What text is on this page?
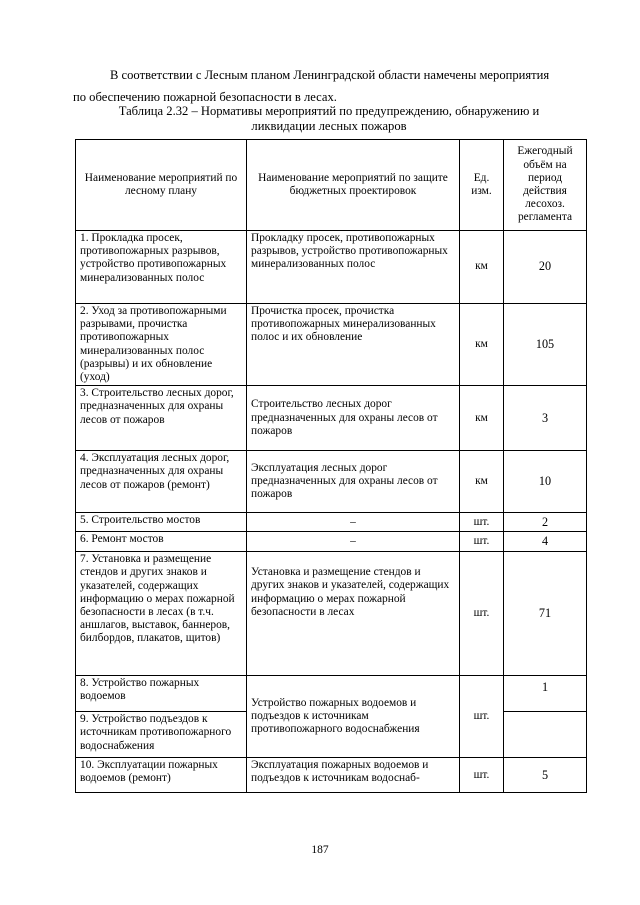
В соответствии с Лесным планом Ленинградской области намечены мероприятия
по обеспечению пожарной безопасности в лесах.

Таблица 2.32 – Нормативы мероприятий по предупреждению, обнаружению и
ликвидации лесных пожаров

Наименование мероприятий по лесному плану	Наименование мероприятий по защите бюджетных проектировок	Ед. изм.	Ежегодный объём на период действия лесохоз. регламента
1. Прокладка просек, противопожарных разрывов, устройство противопожарных минерализованных полос	Прокладку просек, противопожарных разрывов, устройство противопожарных минерализованных полос	км	20
2. Уход за противопожарными разрывами, прочистка противопожарных минерализованных полос (разрывы) и их обновление (уход)	Прочистка просек, прочистка противопожарных минерализованных полос и их обновление	км	105
3. Строительство лесных дорог, предназначенных для охраны лесов от пожаров	Строительство лесных дорог предназначенных для охраны лесов от пожаров	км	3
4. Эксплуатация лесных дорог, предназначенных для охраны лесов от пожаров (ремонт)	Эксплуатация лесных дорог предназначенных для охраны лесов от пожаров	км	10
5. Строительство мостов	–	шт.	2
6. Ремонт мостов	–	шт.	4
7. Установка и размещение стендов и других знаков и указателей, содержащих информацию о мерах пожарной безопасности в лесах (в т.ч. аншлагов, выставок, баннеров, билбордов, плакатов, щитов)	Установка и размещение стендов и других знаков и указателей, содержащих информацию о мерах пожарной безопасности в лесах	шт.	71
8. Устройство пожарных водоемов	Устройство пожарных водоемов и подъездов к источникам противопожарного водоснабжения	шт.	1
9. Устройство подъездов к источникам противопожарного водоснабжения			
10. Эксплуатации пожарных водоемов (ремонт)	Эксплуатация пожарных водоемов и подъездов к источникам водоснаб-	шт.	5
187
